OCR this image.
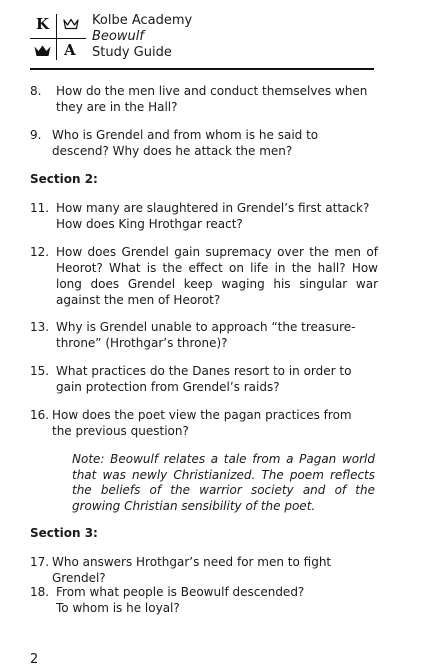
K
A
Kolbe Academy
Beowulf
Study Guide
8. How do the men live and conduct themselves when they are in the Hall?
9. Who is Grendel and from whom is he said to descend? Why does he attack the men?
Section 2:
11. How many are slaughtered in Grendel’s first attack? How does King Hrothgar react?
12. How does Grendel gain supremacy over the men of Heorot? What is the effect on life in the hall? How long does Grendel keep waging his singular war against the men of Heorot?
13. Why is Grendel unable to approach “the treasure-throne” (Hrothgar’s throne)?
15. What practices do the Danes resort to in order to gain protection from Grendel’s raids?
16. How does the poet view the pagan practices from the previous question?
Note: Beowulf relates a tale from a Pagan world that was newly Christianized. The poem reflects the beliefs of the warrior society and of the growing Christian sensibility of the poet.
Section 3:
17. Who answers Hrothgar’s need for men to fight Grendel?
18. From what people is Beowulf descended? To whom is he loyal?
2
